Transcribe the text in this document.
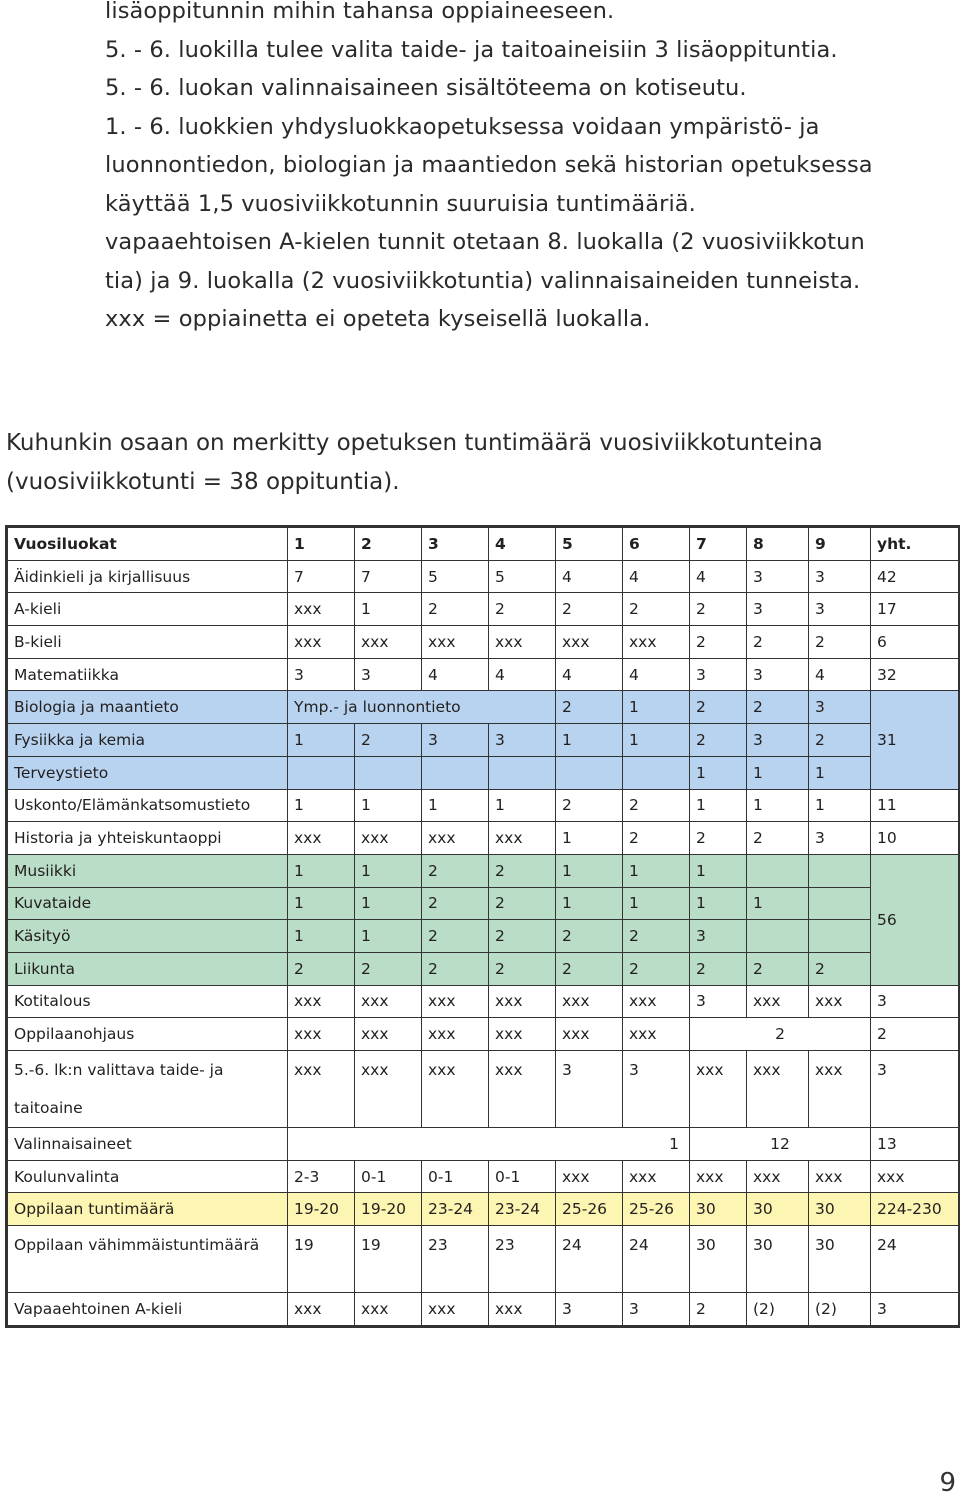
lisäoppitunnin mihin tahansa oppiaineeseen.
5. - 6. luokilla tulee valita taide- ja taitoaineisiin 3 lisäoppituntia.
5. - 6. luokan valinnaisaineen sisältöteema on kotiseutu.
1. - 6. luokkien yhdysluokkaopetuksessa voidaan ympäristö- ja
luonnontiedon, biologian ja maantiedon sekä historian opetuksessa
käyttää 1,5 vuosiviikkotunnin suuruisia tuntimääriä.
vapaaehtoisen A-kielen tunnit otetaan 8. luokalla (2 vuosiviikkotun
tia) ja 9. luokalla (2 vuosiviikkotuntia) valinnaisaineiden tunneista.
xxx = oppiainetta ei opeteta kyseisellä luokalla.
Kuhunkin osaan on merkitty opetuksen tuntimäärä vuosiviikkotunteina
(vuosiviikkotunti = 38 oppituntia).
Vuosiluokat	1	2	3	4	5	6	7	8	9	yht.
Äidinkieli ja kirjallisuus	7	7	5	5	4	4	4	3	3	42
A-kieli	xxx	1	2	2	2	2	2	3	3	17
B-kieli	xxx	xxx	xxx	xxx	xxx	xxx	2	2	2	6
Matematiikka	3	3	4	4	4	4	3	3	4	32
Biologia ja maantieto	Ymp.- ja luonnontieto				2	1	2	2	3	31
Fysiikka ja kemia	1	2	3	3	1	1	2	3	2	
Terveystieto							1	1	1	
Uskonto/Elämänkatsomustieto	1	1	1	1	2	2	1	1	1	11
Historia ja yhteiskuntaoppi	xxx	xxx	xxx	xxx	1	2	2	2	3	10
Musiikki	1	1	2	2	1	1	1			56
Kuvataide	1	1	2	2	1	1	1	1		
Käsityö	1	1	2	2	2	2	3			
Liikunta	2	2	2	2	2	2	2	2	2	
Kotitalous	xxx	xxx	xxx	xxx	xxx	xxx	3	xxx	xxx	3
Oppilaanohjaus	xxx	xxx	xxx	xxx	xxx	xxx	2			2
5.-6. lk:n valittava taide- ja taitoaine	xxx	xxx	xxx	xxx	3	3	xxx	xxx	xxx	3
Valinnaisaineet	1						12			13
Koulunvalinta	2-3	0-1	0-1	0-1	xxx	xxx	xxx	xxx	xxx	xxx
Oppilaan tuntimäärä	19-20	19-20	23-24	23-24	25-26	25-26	30	30	30	224-230
Oppilaan vähimmäistuntimäärä	19	19	23	23	24	24	30	30	30	24
Vapaaehtoinen A-kieli	xxx	xxx	xxx	xxx	3	3	2	(2)	(2)	3
9
